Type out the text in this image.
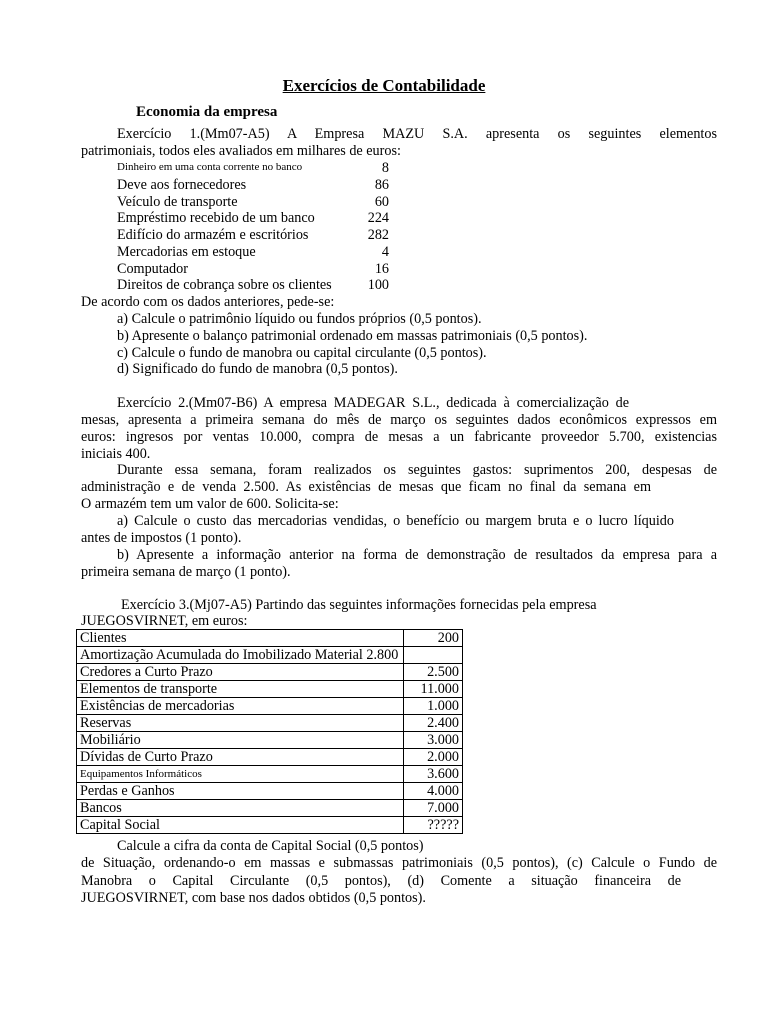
Exercícios de Contabilidade
Economia da empresa
Exercício 1.(Mm07-A5) A Empresa MAZU S.A. apresenta os seguintes elementos
patrimoniais, todos eles avaliados em milhares de euros:
Dinheiro em uma conta corrente no banco	8
Deve aos fornecedores	86
Veículo de transporte	60
Empréstimo recebido de um banco	224
Edifício do armazém e escritórios	282
Mercadorias em estoque	4
Computador	16
Direitos de cobrança sobre os clientes	100
De acordo com os dados anteriores, pede-se:
a) Calcule o patrimônio líquido ou fundos próprios (0,5 pontos).
b) Apresente o balanço patrimonial ordenado em massas patrimoniais (0,5 pontos).
c) Calcule o fundo de manobra ou capital circulante (0,5 pontos).
d) Significado do fundo de manobra (0,5 pontos).
Exercício 2.(Mm07-B6) A empresa MADEGAR S.L., dedicada à comercialização de
mesas, apresenta a primeira semana do mês de março os seguintes dados econômicos expressos em
euros: ingresos por ventas 10.000, compra de mesas a un fabricante proveedor 5.700, existencias
iniciais 400.
Durante essa semana, foram realizados os seguintes gastos: suprimentos 200, despesas de
administração e de venda 2.500. As existências de mesas que ficam no final da semana em
O armazém tem um valor de 600. Solicita-se:
a) Calcule o custo das mercadorias vendidas, o benefício ou margem bruta e o lucro líquido
antes de impostos (1 ponto).
b) Apresente a informação anterior na forma de demonstração de resultados da empresa para a
primeira semana de março (1 ponto).
Exercício 3.(Mj07-A5) Partindo das seguintes informações fornecidas pela empresa
JUEGOSVIRNET, em euros:
Clientes	200
Amortização Acumulada do Imobilizado Material 2.800	
Credores a Curto Prazo	2.500
Elementos de transporte	11.000
Existências de mercadorias	1.000
Reservas	2.400
Mobiliário	3.000
Dívidas de Curto Prazo	2.000
Equipamentos Informáticos	3.600
Perdas e Ganhos	4.000
Bancos	7.000
Capital Social	?????
Calcule a cifra da conta de Capital Social (0,5 pontos)
de Situação, ordenando-o em massas e submassas patrimoniais (0,5 pontos), (c) Calcule o Fundo de
Manobra o Capital Circulante (0,5 pontos), (d) Comente a situação financeira de
JUEGOSVIRNET, com base nos dados obtidos (0,5 pontos).
